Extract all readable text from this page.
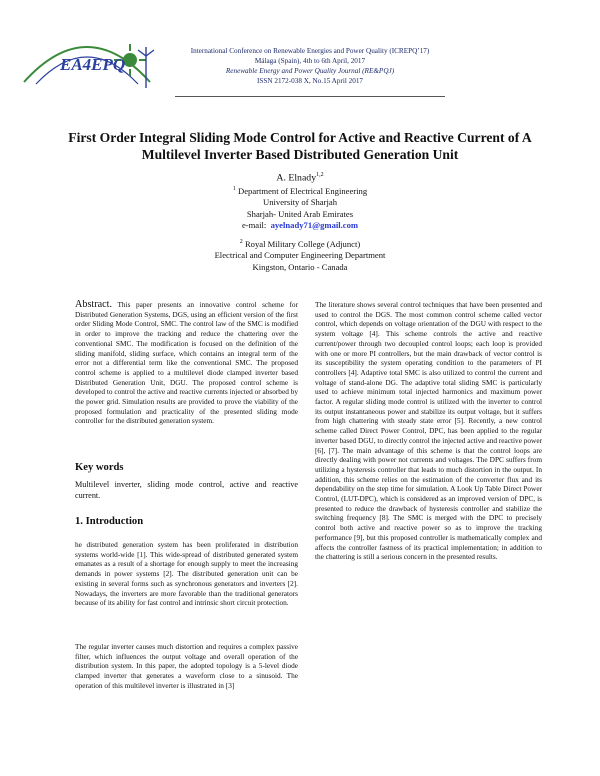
EA4EPQ
International Conference on Renewable Energies and Power Quality (ICREPQ’17)
Málaga (Spain), 4th to 6th April, 2017
Renewable Energy and Power Quality Journal (RE&PQJ)
ISSN 2172-038 X, No.15 April 2017
First Order Integral Sliding Mode Control for Active and Reactive Current of A Multilevel Inverter Based Distributed Generation Unit
A. Elnady$^{1,2}$
$^1$ Department of Electrical Engineering
University of Sharjah
Sharjah- United Arab Emirates
e-mail: ayelnady71@gmail.com
$^2$ Royal Military College (Adjunct)
Electrical and Computer Engineering Department
Kingston, Ontario - Canada
Abstract. This paper presents an innovative control scheme for Distributed Generation Systems, DGS, using an efficient version of the first order Sliding Mode Control, SMC. The control law of the SMC is modified in order to improve the tracking and reduce the chattering over the conventional SMC. The modification is focused on the definition of the sliding manifold, sliding surface, which contains an integral term of the error not a differential term like the conventional SMC. The proposed control scheme is applied to a multilevel diode clamped inverter based Distributed Generation Unit, DGU. The proposed control scheme is developed to control the active and reactive currents injected or absorbed by the power grid. Simulation results are provided to prove the viability of the proposed formulation and practicality of the presented sliding mode controller for the distributed generation system.
Key words
Multilevel inverter, sliding mode control, active and reactive current.
1. Introduction
he distributed generation system has been proliferated in distribution systems world-wide [1]. This wide-spread of distributed generated system emanates as a result of a shortage for enough supply to meet the increasing demands in power systems [2]. The distributed generation unit can be existing in several forms such as synchronous generators and inverters [2]. Nowadays, the inverters are more favorable than the traditional generators because of its ability for fast control and intrinsic short circuit protection.
The regular inverter causes much distortion and requires a complex passive filter, which influences the output voltage and overall operation of the distribution system. In this paper, the adopted topology is a 5-level diode clamped inverter that generates a waveform close to a sinusoid. The operation of this multilevel inverter is illustrated in [3]
The literature shows several control techniques that have been presented and used to control the DGS. The most common control scheme called vector control, which depends on voltage orientation of the DGU with respect to the system voltage [4]. This scheme controls the active and reactive current/power through two decoupled control loops; each loop is provided with one or more PI controllers, but the main drawback of vector control is its susceptibility the system operating condition to the parameters of PI controllers [4]. Adaptive total SMC is also utilized to control the current and voltage of stand-alone DG. The adaptive total sliding SMC is particularly used to achieve minimum total injected harmonics and maximum power factor. A regular sliding mode control is utilized with the inverter to control its output instantaneous power and stabilize its output voltage, but it suffers from high chattering with steady state error [5]. Recently, a new control scheme called Direct Power Control, DPC, has been applied to the regular inverter based DGU, to directly control the injected active and reactive power [6], [7]. The main advantage of this scheme is that the control loops are directly dealing with power not currents and voltages. The DPC suffers from utilizing a hysteresis controller that leads to much distortion in the output. In addition, this scheme relies on the estimation of the converter flux and its dependability on the step time for simulation. A Look Up Table Direct Power Control, (LUT-DPC), which is considered as an improved version of DPC, is presented to reduce the drawback of hysteresis controller and stabilize the switching frequency [8]. The SMC is merged with the DPC to precisely control both active and reactive power so as to improve the tracking performance [9], but this proposed controller is mathematically complex and affects the controller fastness of its practical implementation; in addition to the chattering is still a serious concern in the presented results.
